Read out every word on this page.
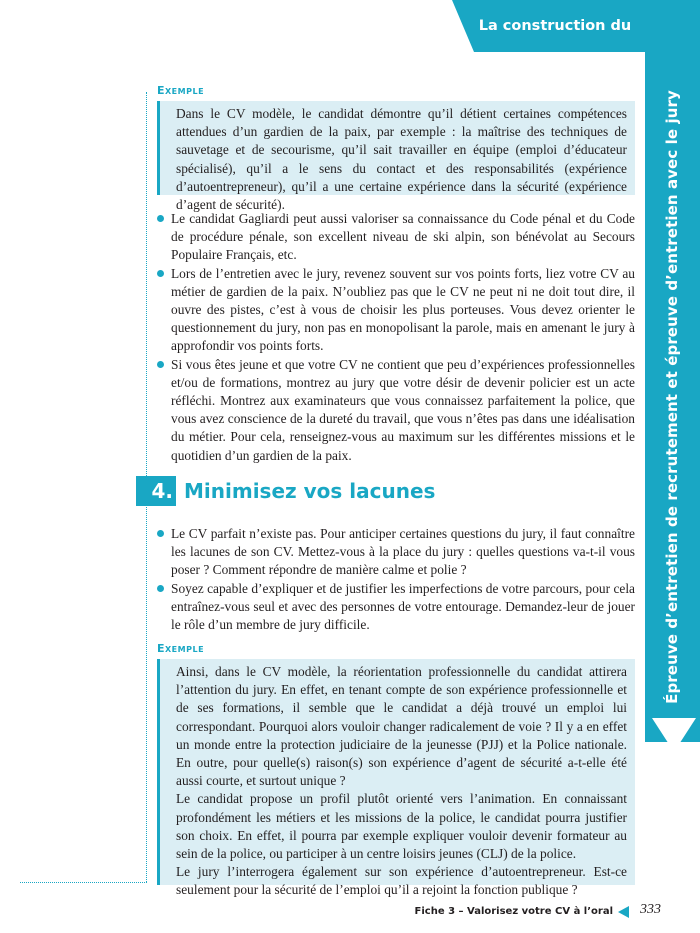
La construction du CV
Épreuve d’entretien de recrutement et épreuve d’entretien avec le jury
Exemple

Dans le CV modèle, le candidat démontre qu’il détient certaines compétences attendues d’un gardien de la paix, par exemple : la maîtrise des techniques de sauvetage et de secourisme, qu’il sait travailler en équipe (emploi d’éducateur spécialisé), qu’il a le sens du contact et des responsabilités (expérience d’autoentrepreneur), qu’il a une certaine expérience dans la sécurité (expérience d’agent de sécurité).

Le candidat Gagliardi peut aussi valoriser sa connaissance du Code pénal et du Code de procédure pénale, son excellent niveau de ski alpin, son bénévolat au Secours Populaire Français, etc.
Lors de l’entretien avec le jury, revenez souvent sur vos points forts, liez votre CV au métier de gardien de la paix. N’oubliez pas que le CV ne peut ni ne doit tout dire, il ouvre des pistes, c’est à vous de choisir les plus porteuses. Vous devez orienter le questionnement du jury, non pas en monopolisant la parole, mais en amenant le jury à approfondir vos points forts.
Si vous êtes jeune et que votre CV ne contient que peu d’expériences professionnelles et/ou de formations, montrez au jury que votre désir de devenir policier est un acte réfléchi. Montrez aux examinateurs que vous connaissez parfaitement la police, que vous avez conscience de la dureté du travail, que vous n’êtes pas dans une idéalisation du métier. Pour cela, renseignez-vous au maximum sur les différentes missions et le quotidien d’un gardien de la paix.
4. Minimisez vos lacunes
Le CV parfait n’existe pas. Pour anticiper certaines questions du jury, il faut connaître les lacunes de son CV. Mettez-vous à la place du jury : quelles questions va-t-il vous poser ? Comment répondre de manière calme et polie ?
Soyez capable d’expliquer et de justifier les imperfections de votre parcours, pour cela entraînez-vous seul et avec des personnes de votre entourage. Demandez-leur de jouer le rôle d’un membre de jury difficile.
Exemple

Ainsi, dans le CV modèle, la réorientation professionnelle du candidat attirera l’attention du jury. En effet, en tenant compte de son expérience professionnelle et de ses formations, il semble que le candidat a déjà trouvé un emploi lui correspondant. Pourquoi alors vouloir changer radicalement de voie ? Il y a en effet un monde entre la protection judiciaire de la jeunesse (PJJ) et la Police nationale. En outre, pour quelle(s) raison(s) son expérience d’agent de sécurité a-t-elle été aussi courte, et surtout unique ?

Le candidat propose un profil plutôt orienté vers l’animation. En connaissant profondément les métiers et les missions de la police, le candidat pourra justifier son choix. En effet, il pourra par exemple expliquer vouloir devenir formateur au sein de la police, ou participer à un centre loisirs jeunes (CLJ) de la police.

Le jury l’interrogera également sur son expérience d’autoentrepreneur. Est-ce seulement pour la sécurité de l’emploi qu’il a rejoint la fonction publique ?

Fiche 3 – Valorisez votre CV à l’oral 333
